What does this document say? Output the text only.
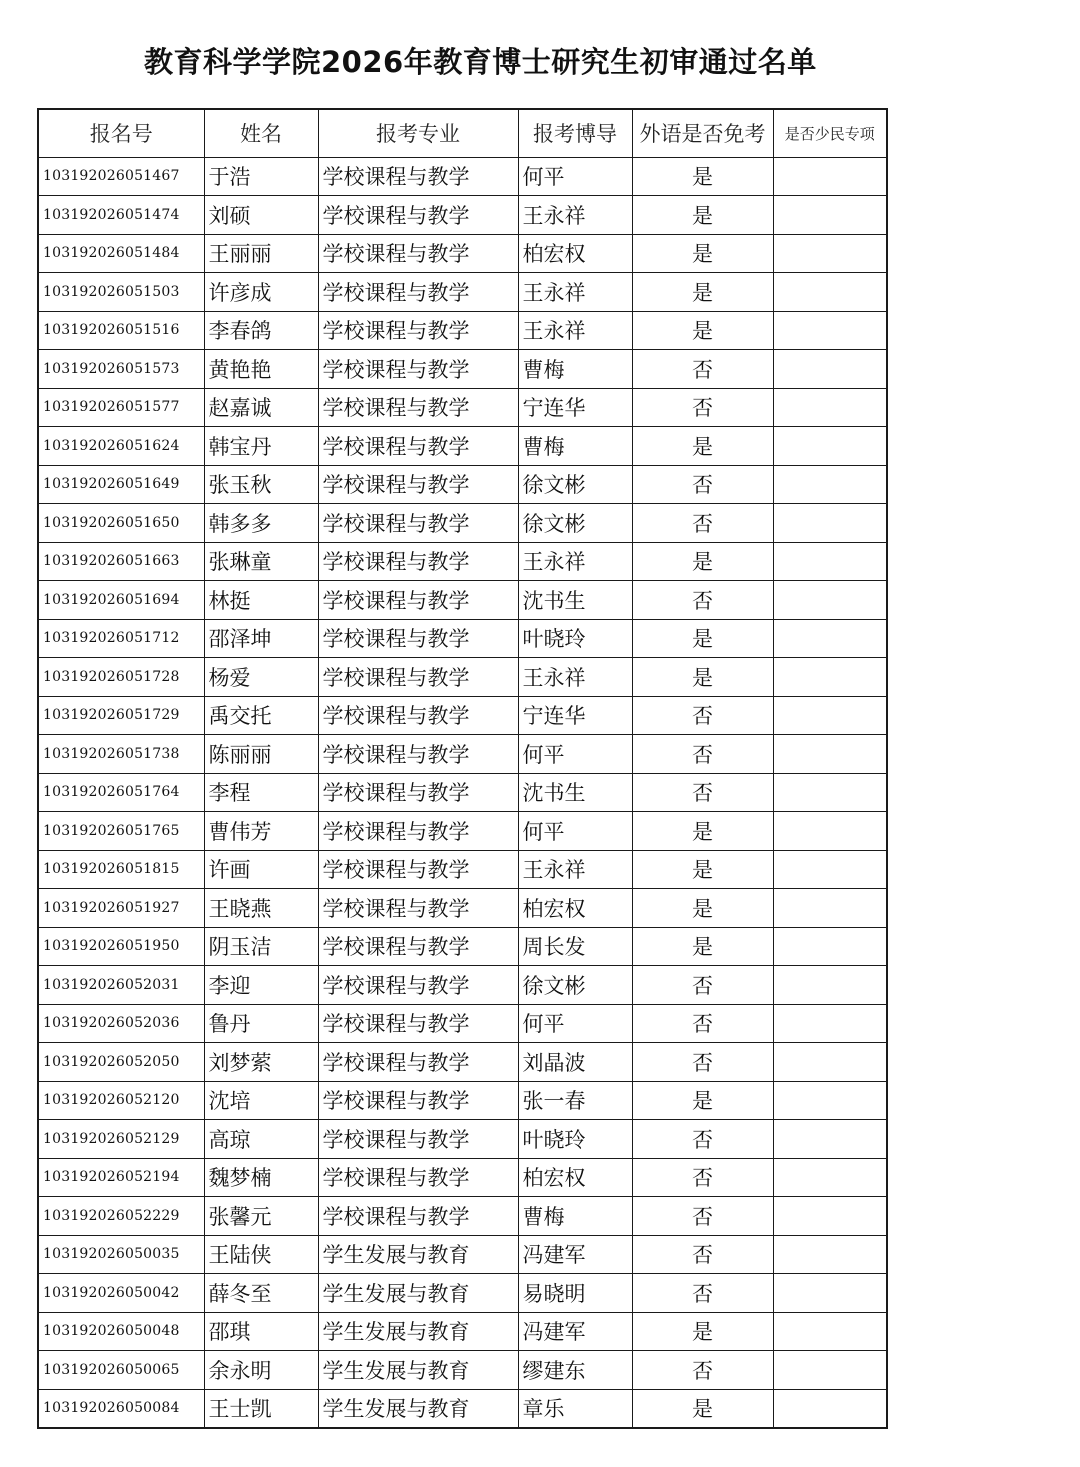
教育科学学院2026年教育博士研究生初审通过名单
报名号	姓名	报考专业	报考博导	外语是否免考	是否少民专项
103192026051467	于浩	学校课程与教学	何平	是	
103192026051474	刘硕	学校课程与教学	王永祥	是	
103192026051484	王丽丽	学校课程与教学	柏宏权	是	
103192026051503	许彦成	学校课程与教学	王永祥	是	
103192026051516	李春鸽	学校课程与教学	王永祥	是	
103192026051573	黄艳艳	学校课程与教学	曹梅	否	
103192026051577	赵嘉诚	学校课程与教学	宁连华	否	
103192026051624	韩宝丹	学校课程与教学	曹梅	是	
103192026051649	张玉秋	学校课程与教学	徐文彬	否	
103192026051650	韩多多	学校课程与教学	徐文彬	否	
103192026051663	张琳童	学校课程与教学	王永祥	是	
103192026051694	林挺	学校课程与教学	沈书生	否	
103192026051712	邵泽坤	学校课程与教学	叶晓玲	是	
103192026051728	杨爱	学校课程与教学	王永祥	是	
103192026051729	禹交托	学校课程与教学	宁连华	否	
103192026051738	陈丽丽	学校课程与教学	何平	否	
103192026051764	李程	学校课程与教学	沈书生	否	
103192026051765	曹伟芳	学校课程与教学	何平	是	
103192026051815	许画	学校课程与教学	王永祥	是	
103192026051927	王晓燕	学校课程与教学	柏宏权	是	
103192026051950	阴玉洁	学校课程与教学	周长发	是	
103192026052031	李迎	学校课程与教学	徐文彬	否	
103192026052036	鲁丹	学校课程与教学	何平	否	
103192026052050	刘梦萦	学校课程与教学	刘晶波	否	
103192026052120	沈培	学校课程与教学	张一春	是	
103192026052129	高琼	学校课程与教学	叶晓玲	否	
103192026052194	魏梦楠	学校课程与教学	柏宏权	否	
103192026052229	张馨元	学校课程与教学	曹梅	否	
103192026050035	王陆侠	学生发展与教育	冯建军	否	
103192026050042	薛冬至	学生发展与教育	易晓明	否	
103192026050048	邵琪	学生发展与教育	冯建军	是	
103192026050065	余永明	学生发展与教育	缪建东	否	
103192026050084	王士凯	学生发展与教育	章乐	是	
